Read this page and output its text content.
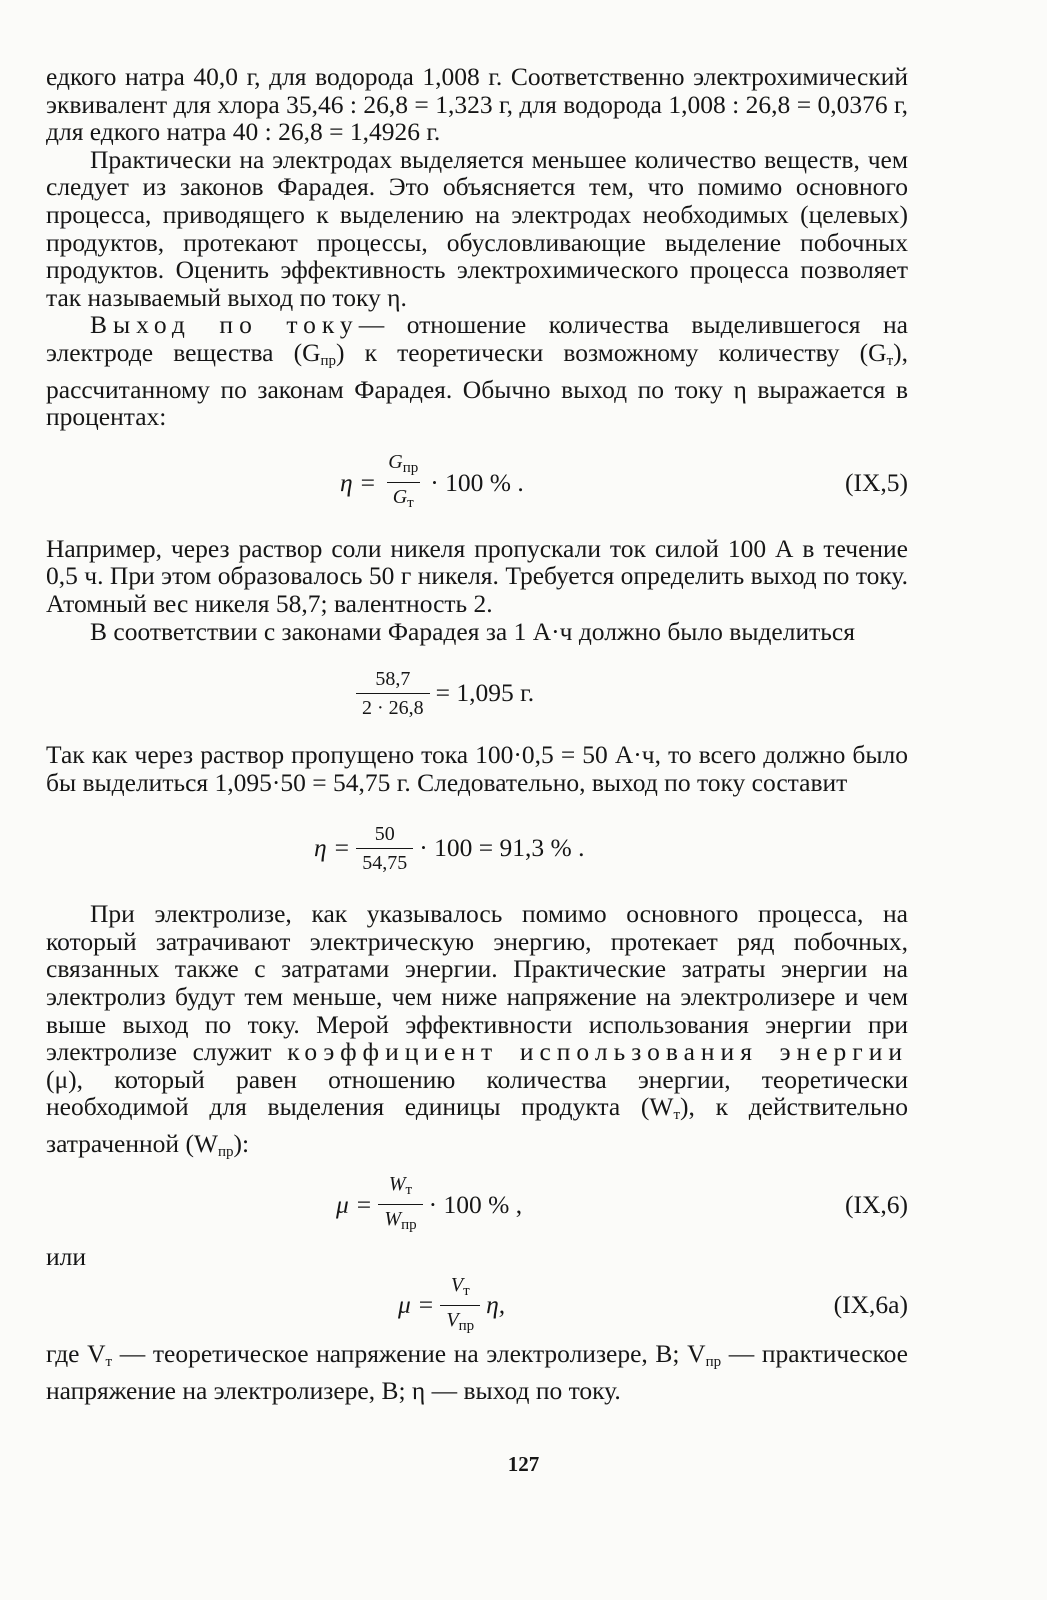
едкого натра 40,0 г, для водорода 1,008 г. Соответственно электрохимический эквивалент для хлора 35,46 : 26,8 = 1,323 г, для водорода 1,008 : 26,8 = 0,0376 г, для едкого натра 40 : 26,8 = 1,4926 г.

Практически на электродах выделяется меньшее количество веществ, чем следует из законов Фарадея. Это объясняется тем, что помимо основного процесса, приводящего к выделению на электродах необходимых (целевых) продуктов, протекают процессы, обусловливающие выделение побочных продуктов. Оценить эффективность электрохимического процесса позволяет так называемый выход по току η.

Выход по току— отношение количества выделившегося на электроде вещества $(G_{пр})$ к теоретически возможному количеству $(G_т)$, рассчитанному по законам Фарадея. Обычно выход по току η выражается в процентах:

$\eta = \frac{G_{пр}}{G_т} \cdot 100$ % .	(IX,5)

Например, через раствор соли никеля пропускали ток силой 100 А в течение 0,5 ч. При этом образовалось 50 г никеля. Требуется определить выход по току. Атомный вес никеля 58,7; валентность 2.

В соответствии с законами Фарадея за 1 А·ч должно было выделиться

$\frac{58,7}{2 \cdot 26,8} = 1,095$ г.

Так как через раствор пропущено тока 100·0,5 = 50 А·ч, то всего должно было бы выделиться 1,095·50 = 54,75 г. Следовательно, выход по току составит

$\eta = \frac{50}{54,75} \cdot 100 = 91,3$ % .

При электролизе, как указывалось помимо основного процесса, на который затрачивают электрическую энергию, протекает ряд побочных, связанных также с затратами энергии. Практические затраты энергии на электролиз будут тем меньше, чем ниже напряжение на электролизере и чем выше выход по току. Мерой эффективности использования энергии при электролизе служит коэффициент использования энергии (μ), который равен отношению количества энергии, теоретически необходимой для выделения единицы продукта $(W_т)$, к действительно затраченной $(W_{пр})$:

$\mu = \frac{W_т}{W_{пр}} \cdot 100$ % ,	(IX,6)

или

$\mu = \frac{V_т}{V_{пр}} \eta$,	(IX,6а)

где $V_т$ — теоретическое напряжение на электролизере, В; $V_{пр}$ — практическое напряжение на электролизере, В; η — выход по току.

127
